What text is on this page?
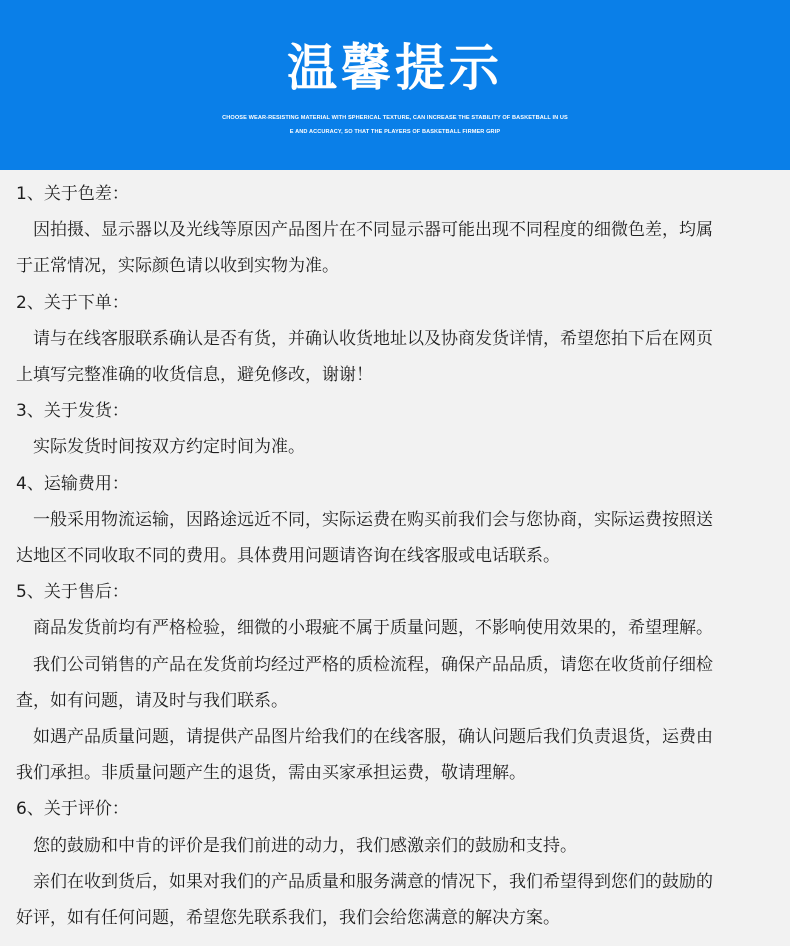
温馨提示
CHOOSE WEAR-RESISTING MATERIAL WITH SPHERICAL TEXTURE, CAN INCREASE THE STABILITY OF BASKETBALL IN US
E AND ACCURACY, SO THAT THE PLAYERS OF BASKETBALL FIRMER GRIP
1、关于色差：
因拍摄、显示器以及光线等原因产品图片在不同显示器可能出现不同程度的细微色差，均属
于正常情况，实际颜色请以收到实物为准。
2、关于下单：
请与在线客服联系确认是否有货，并确认收货地址以及协商发货详情，希望您拍下后在网页
上填写完整准确的收货信息，避免修改，谢谢！
3、关于发货：
实际发货时间按双方约定时间为准。
4、运输费用：
一般采用物流运输，因路途远近不同，实际运费在购买前我们会与您协商，实际运费按照送
达地区不同收取不同的费用。具体费用问题请咨询在线客服或电话联系。
5、关于售后：
商品发货前均有严格检验，细微的小瑕疵不属于质量问题，不影响使用效果的，希望理解。
我们公司销售的产品在发货前均经过严格的质检流程，确保产品品质，请您在收货前仔细检
查，如有问题，请及时与我们联系。
如遇产品质量问题，请提供产品图片给我们的在线客服，确认问题后我们负责退货，运费由
我们承担。非质量问题产生的退货，需由买家承担运费，敬请理解。
6、关于评价：
您的鼓励和中肯的评价是我们前进的动力，我们感激亲们的鼓励和支持。
亲们在收到货后，如果对我们的产品质量和服务满意的情况下，我们希望得到您们的鼓励的
好评，如有任何问题，希望您先联系我们，我们会给您满意的解决方案。
